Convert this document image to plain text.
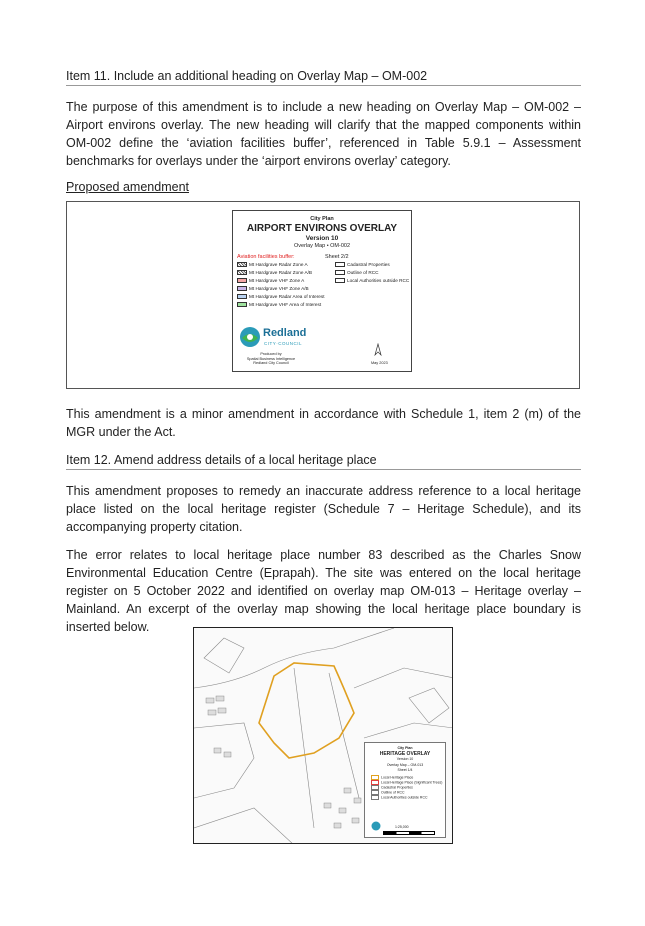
Item 11. Include an additional heading on Overlay Map – OM-002

The purpose of this amendment is to include a new heading on Overlay Map – OM-002 – Airport environs overlay. The new heading will clarify that the mapped components within OM-002 define the ‘aviation facilities buffer’, referenced in Table 5.9.1 – Assessment benchmarks for overlays under the ‘airport environs overlay’ category.

Proposed amendment
City Plan
AIRPORT ENVIRONS OVERLAY
Version 10
Overlay Map • OM-002
Aviation facilities buffer:	Sheet 2/2
Mt Hardgrave Radar Zone A
Mt Hardgrave Radar Zone A/B
Mt Hardgrave VHF Zone A
Mt Hardgrave VHF Zone A/B
Mt Hardgrave Radar Area of Interest
Mt Hardgrave VHF Area of Interest
Cadastral Properties
Outline of RCC
Local Authorities outside RCC
Redland
CITY·COUNCIL
Produced by
Spatial Business Intelligence
Redland City Council	May 2023

This amendment is a minor amendment in accordance with Schedule 1, item 2 (m) of the MGR under the Act.

Item 12. Amend address details of a local heritage place

This amendment proposes to remedy an inaccurate address reference to a local heritage place listed on the local heritage register (Schedule 7 – Heritage Schedule), and its accompanying property citation.

The error relates to local heritage place number 83 described as the Charles Snow Environmental Education Centre (Eprapah). The site was entered on the local heritage register on 5 October 2022 and identified on overlay map OM-013 – Heritage overlay – Mainland. An excerpt of the overlay map showing the local heritage place boundary is inserted below.

City Plan
HERITAGE OVERLAY
Version 10
Overlay Map – OM-013
Sheet 1/4
Local Heritage Place
Local Heritage Place (Significant Trees)
Cadastral Properties
Outline of RCC
Local Authorities outside RCC
1:25,000
